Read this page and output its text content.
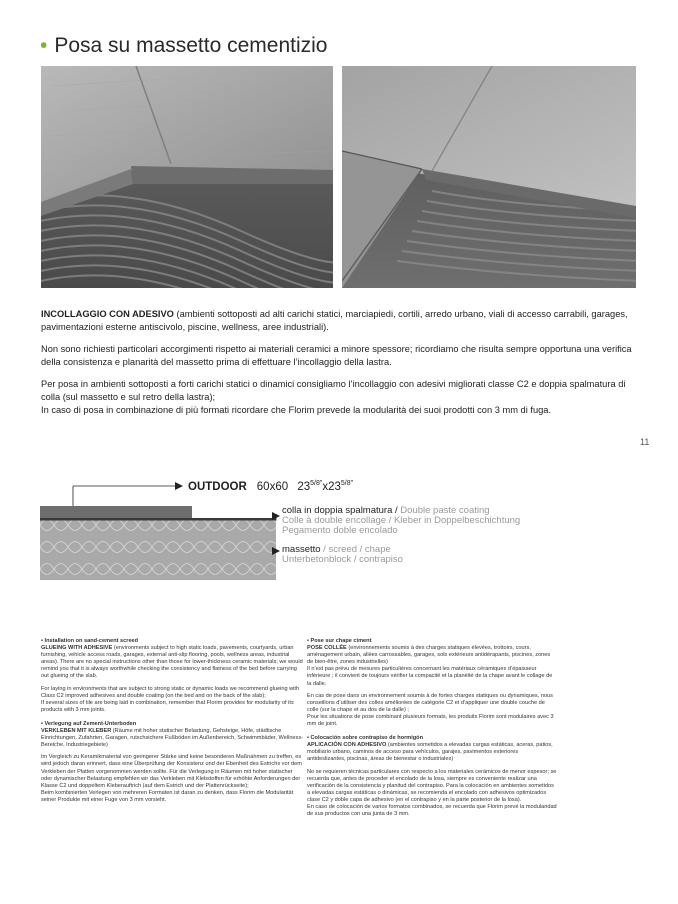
• Posa su massetto cementizio

INCOLLAGGIO CON ADESIVO (ambienti sottoposti ad alti carichi statici, marciapiedi, cortili, arredo urbano, viali di accesso carrabili, garages, pavimentazioni esterne antiscivolo, piscine, wellness, aree industriali).

Non sono richiesti particolari accorgimenti rispetto ai materiali ceramici a minore spessore; ricordiamo che risulta sempre opportuna una verifica della consistenza e planarità del massetto prima di effettuare l’incollaggio della lastra.

Per posa in ambienti sottoposti a forti carichi statici o dinamici consigliamo l’incollaggio con adesivi migliorati classe C2 e doppia spalmatura di colla (sul massetto e sul retro della lastra);

In caso di posa in combinazione di più formati ricordare che Florim prevede la modularità dei suoi prodotti con 3 mm di fuga.

11
OUTDOOR 60x60 $23^{5/8"}x23^{5/8"}$
colla in doppia spalmatura / Double paste coating
Colle à double encollage / Kleber in Doppelbeschichtung
Pegamento doble encolado
massetto / screed / chape
Unterbetonblock / contrapiso
• Installation on sand-cement screed

GLUEING WITH ADHESIVE (environments subject to high static loads, pavements, courtyards, urban furnishing, vehicle access roads, garages, external anti-slip flooring, pools, wellness areas, industrial areas). There are no special instructions other than those for lower-thickness ceramic materials; we would remind you that it is always worthwhile checking the consistency and flatness of the bed before carrying out glueing of the slab.

For laying in environments that are subject to strong static or dynamic loads we recommend glueing with Class C2 improved adhesives and double coating (on the bed and on the back of the slab);

If several sizes of tile are being laid in combination, remember that Florim provides for modularity of its products with 3 mm joints.

• Verlegung auf Zement-Unterboden

VERKLEBEN MIT KLEBER (Räume mit hoher statischer Belastung, Gehsteige, Höfe, städtische Einrichtungen, Zufahrten, Garagen, rutschsichere Fußböden im Außenbereich, Schwimmbäder, Wellness-Bereiche, Industriegebiete)

Im Vergleich zu Keramikmaterial von geringerer Stärke sind keine besonderen Maßnahmen zu treffen, es wird jedoch daran erinnert, dass eine Überprüfung der Konsistenz und der Ebenheit des Estrichs vor dem Verkleben der Platten vorgenommen werden sollte. Für die Verlegung in Räumen mit hoher statischer oder dynamischer Belastung empfehlen wir das Verkleben mit Klebstoffen für erhöhte Anforderungen der Klasse C2 und doppeltem Kleberauftrich (auf dem Estrich und der Plattenrückseite);

Beim kombinierten Verlegen von mehreren Formaten ist daran zu denken, dass Florim die Modularität seiner Produkte mit einer Fuge von 3 mm vorsieht.

• Pose sur chape ciment

POSE COLLÉE (environnements soumis à des charges statiques élevées, trottoirs, cours, aménagement urbain, allées carrossables, garages, sols extérieurs antidérapants, piscines, zones de bien-être, zones industrielles)

Il n’est pas prévu de mesures particulières concernant les matériaux céramiques d’épaisseur inférieure ; il convient de toujours vérifier la compacité et la planéité de la chape avant le collage de la dalle.

En cas de pose dans un environnement soumis à de fortes charges statiques ou dynamiques, nous conseillons d’utiliser des colles améliorées de catégorie C2 et d’appliquer une double couche de colle (sur la chape et au dos de la dalle) ;

Pour les situations de pose combinant plusieurs formats, les produits Florim sont modulaires avec 3 mm de joint.

• Colocación sobre contrapiso de hormigón

APLICACIÓN CON ADHESIVO (ambientes sometidos a elevadas cargas estáticas, aceras, patios, mobiliario urbano, caminos de acceso para vehículos, garajes, pavimentos exteriores antideslizantes, piscinas, áreas de bienestar o industriales)

No se requieren técnicas particulares con respecto a los materiales cerámicos de menor espesor; se recuerda que, antes de proceder el encolado de la losa, siempre es conveniente realizar una verificación de la consistencia y planitud del contrapiso. Para la colocación en ambientes sometidos a elevadas cargas estáticas o dinámicas, se recomienda el encolado con adhesivos optimizados clase C2 y doble capa de adhesivo (en el contrapiso y en la parte posterior de la losa).

En caso de colocación de varios formatos combinados, se recuerda que Florim prevé la modularidad de sus productos con una junta de 3 mm.
